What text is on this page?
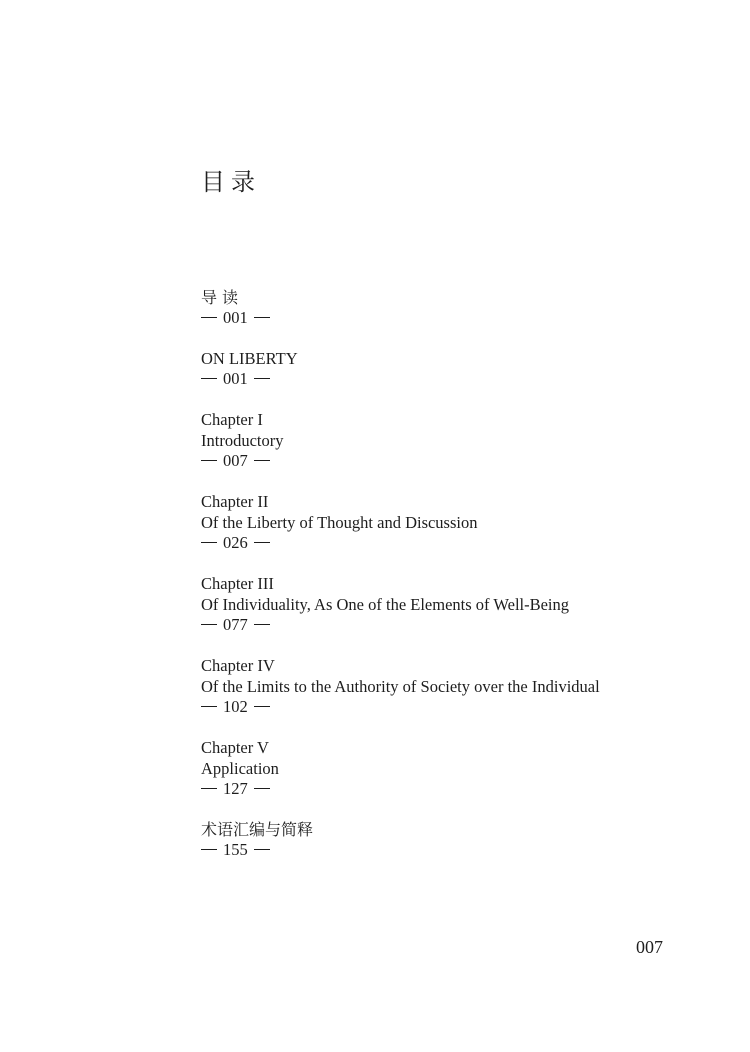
目录
导读
001
ON LIBERTY
001
Chapter I
Introductory
007
Chapter II
Of the Liberty of Thought and Discussion
026
Chapter III
Of Individuality, As One of the Elements of Well-Being
077
Chapter IV
Of the Limits to the Authority of Society over the Individual
102
Chapter V
Application
127
术语汇编与简释
155
007
